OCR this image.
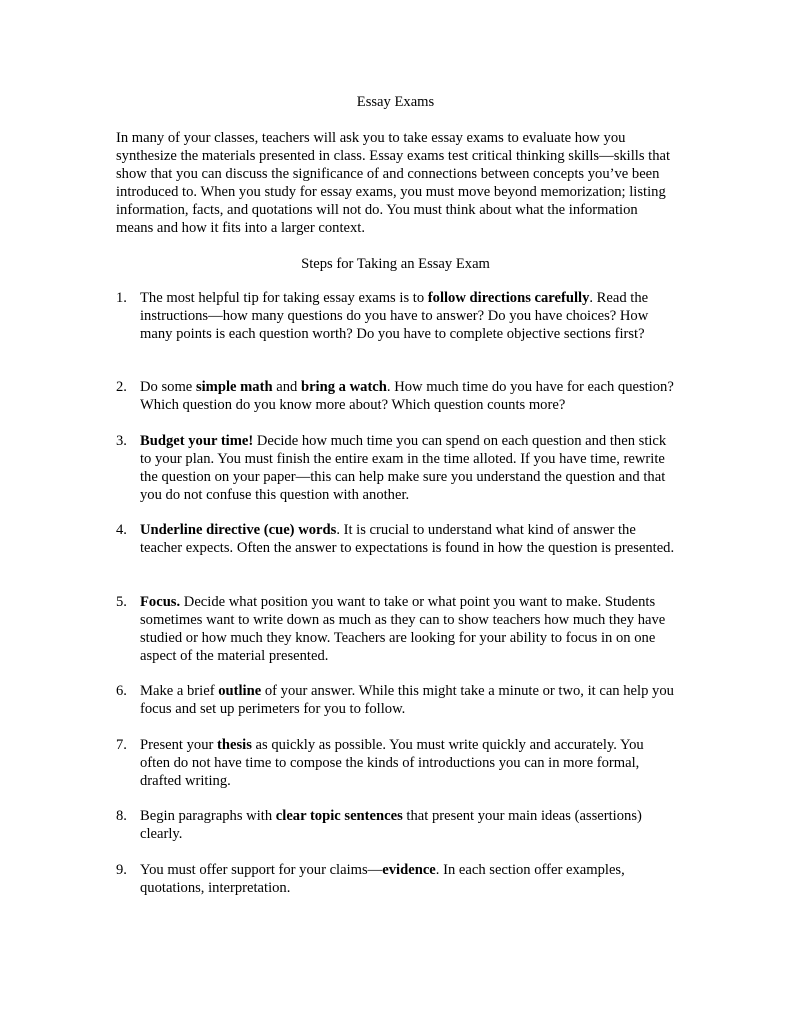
Essay Exams

In many of your classes, teachers will ask you to take essay exams to evaluate how you synthesize the materials presented in class. Essay exams test critical thinking skills—skills that show that you can discuss the significance of and connections between concepts you’ve been introduced to. When you study for essay exams, you must move beyond memorization; listing information, facts, and quotations will not do. You must think about what the information means and how it fits into a larger context.

Steps for Taking an Essay Exam
1. The most helpful tip for taking essay exams is to follow directions carefully. Read the instructions—how many questions do you have to answer? Do you have choices? How many points is each question worth? Do you have to complete objective sections first?
2. Do some simple math and bring a watch. How much time do you have for each question? Which question do you know more about? Which question counts more?
3. Budget your time! Decide how much time you can spend on each question and then stick to your plan. You must finish the entire exam in the time alloted. If you have time, rewrite the question on your paper—this can help make sure you understand the question and that you do not confuse this question with another.
4. Underline directive (cue) words. It is crucial to understand what kind of answer the teacher expects. Often the answer to expectations is found in how the question is presented.
5. Focus. Decide what position you want to take or what point you want to make. Students sometimes want to write down as much as they can to show teachers how much they have studied or how much they know. Teachers are looking for your ability to focus in on one aspect of the material presented.
6. Make a brief outline of your answer. While this might take a minute or two, it can help you focus and set up perimeters for you to follow.
7. Present your thesis as quickly as possible. You must write quickly and accurately. You often do not have time to compose the kinds of introductions you can in more formal, drafted writing.
8. Begin paragraphs with clear topic sentences that present your main ideas (assertions) clearly.
9. You must offer support for your claims—evidence. In each section offer examples, quotations, interpretation.
